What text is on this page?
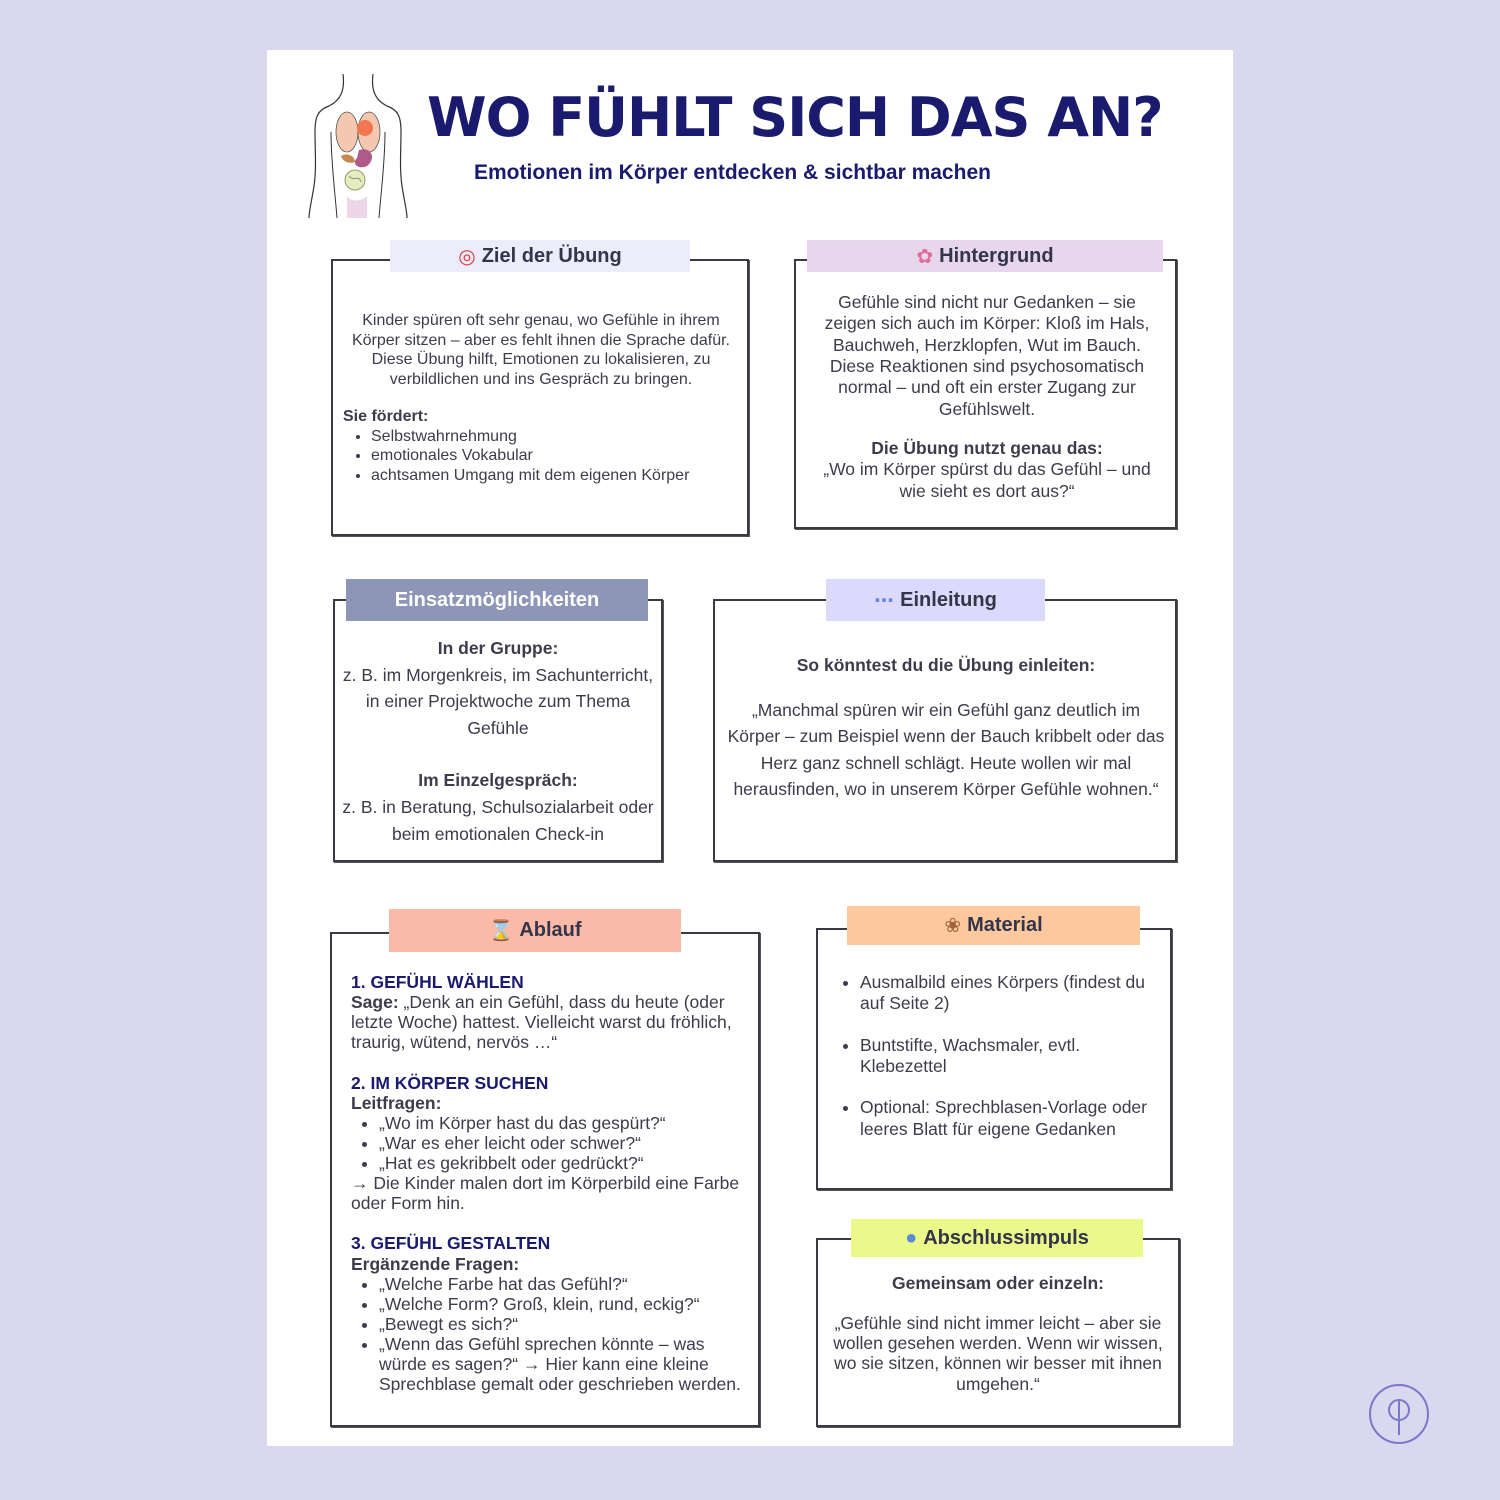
WO FÜHLT SICH DAS AN?
Emotionen im Körper entdecken & sichtbar machen

Kinder spüren oft sehr genau, wo Gefühle in ihrem Körper sitzen – aber es fehlt ihnen die Sprache dafür.

Diese Übung hilft, Emotionen zu lokalisieren, zu verbildlichen und ins Gespräch zu bringen.

Sie fördert:

• Selbstwahrnehmung
• emotionales Vokabular
• achtsamen Umgang mit dem eigenen Körper
◎ Ziel der Übung

Gefühle sind nicht nur Gedanken – sie zeigen sich auch im Körper: Kloß im Hals, Bauchweh, Herzklopfen, Wut im Bauch. Diese Reaktionen sind psychosomatisch normal – und oft ein erster Zugang zur Gefühlswelt.

Die Übung nutzt genau das:

„Wo im Körper spürst du das Gefühl – und wie sieht es dort aus?“

✿ Hintergrund

In der Gruppe:

z. B. im Morgenkreis, im Sachunterricht, in einer Projektwoche zum Thema Gefühle

Im Einzelgespräch:

z. B. in Beratung, Schulsozialarbeit oder beim emotionalen Check-in

Einsatzmöglichkeiten

So könntest du die Übung einleiten:

„Manchmal spüren wir ein Gefühl ganz deutlich im Körper – zum Beispiel wenn der Bauch kribbelt oder das Herz ganz schnell schlägt. Heute wollen wir mal herausfinden, wo in unserem Körper Gefühle wohnen.“

⋯ Einleitung

1. GEFÜHL WÄHLEN

Sage: „Denk an ein Gefühl, dass du heute (oder letzte Woche) hattest. Vielleicht warst du fröhlich, traurig, wütend, nervös …“

2. IM KÖRPER SUCHEN

Leitfragen:

• „Wo im Körper hast du das gespürt?“
• „War es eher leicht oder schwer?“
• „Hat es gekribbelt oder gedrückt?“

→ Die Kinder malen dort im Körperbild eine Farbe oder Form hin.

3. GEFÜHL GESTALTEN

Ergänzende Fragen:

• „Welche Farbe hat das Gefühl?“
• „Welche Form? Groß, klein, rund, eckig?“
• „Bewegt es sich?“
• „Wenn das Gefühl sprechen könnte – was würde es sagen?“ → Hier kann eine kleine Sprechblase gemalt oder geschrieben werden.
⌛ Ablauf
• Ausmalbild eines Körpers (findest du auf Seite 2)
• Buntstifte, Wachsmaler, evtl. Klebezettel
• Optional: Sprechblasen-Vorlage oder leeres Blatt für eigene Gedanken
❀ Material

Gemeinsam oder einzeln:

„Gefühle sind nicht immer leicht – aber sie wollen gesehen werden. Wenn wir wissen, wo sie sitzen, können wir besser mit ihnen umgehen.“

● Abschlussimpuls
